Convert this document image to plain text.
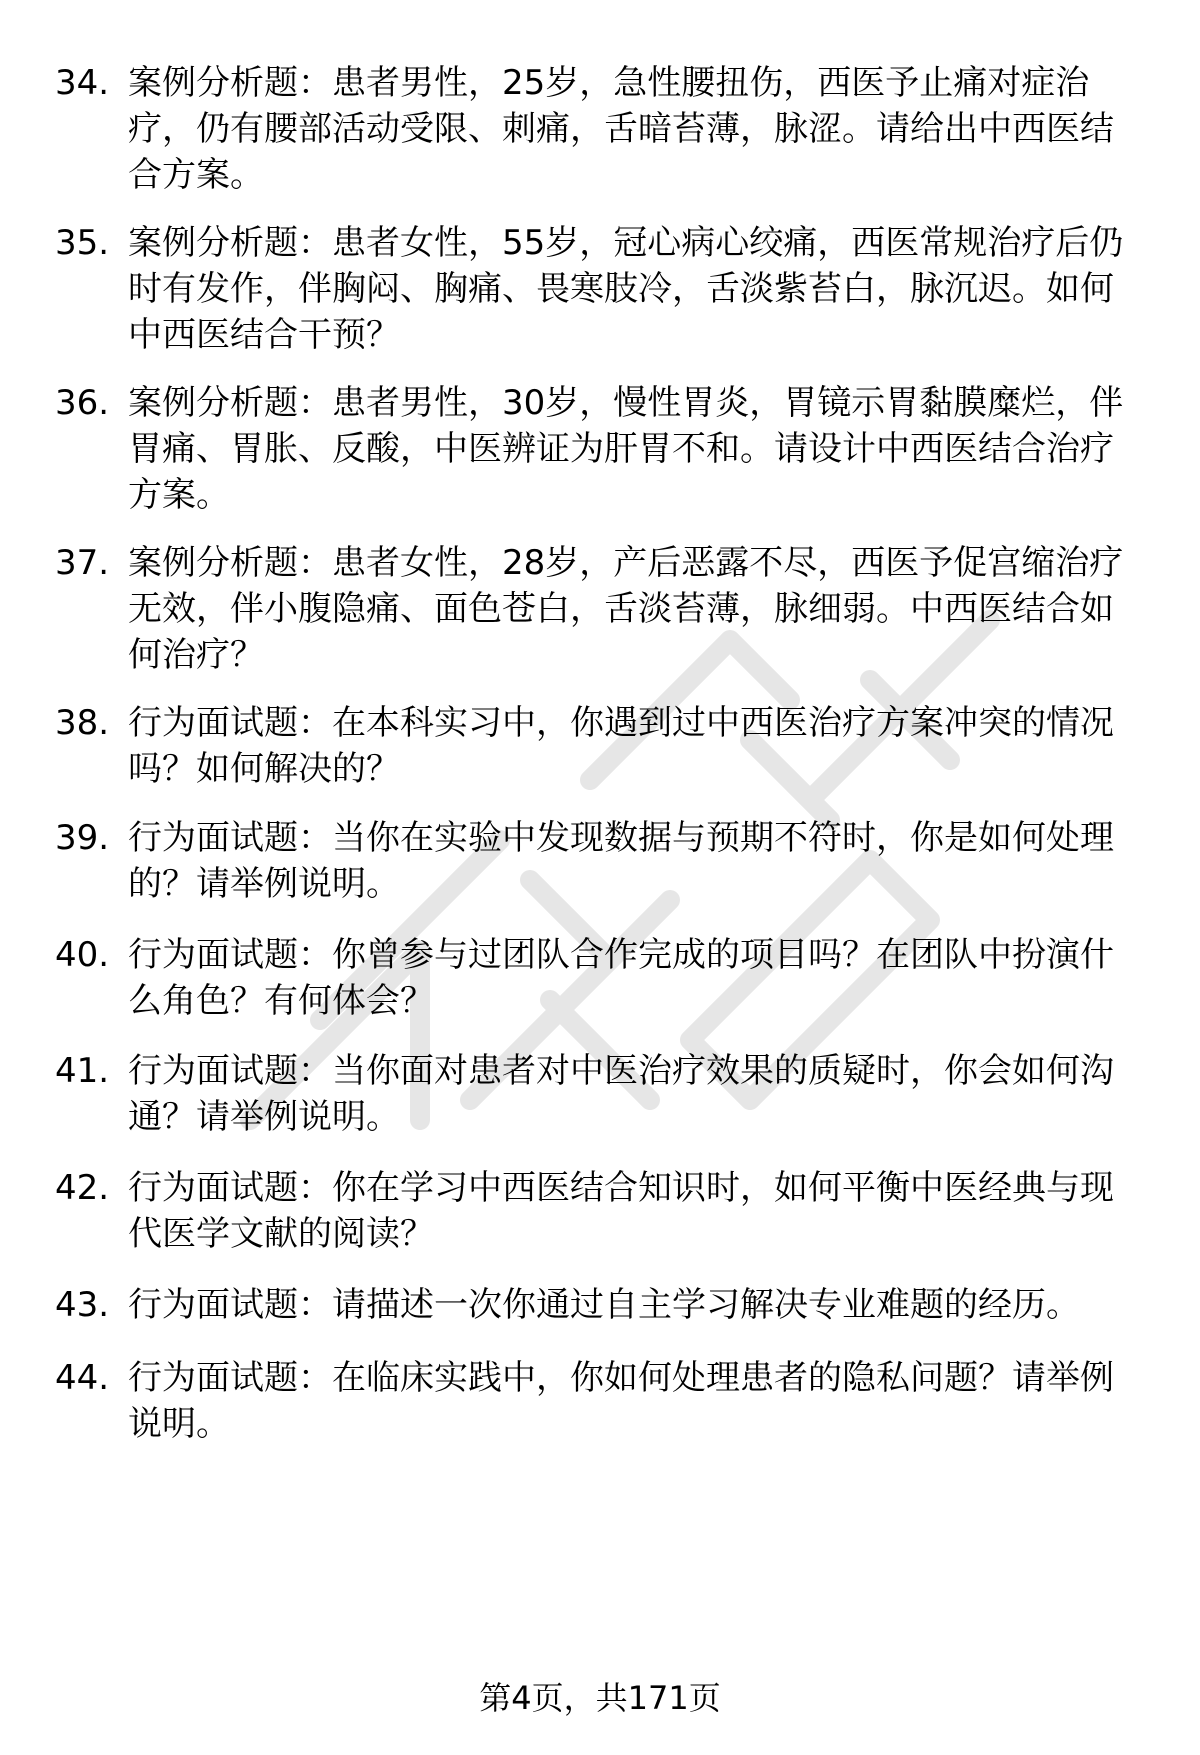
34. 案例分析题：患者男性，25岁，急性腰扭伤，西医予止痛对症治疗，仍有腰部活动受限、刺痛，舌暗苔薄，脉涩。请给出中西医结合方案。
35. 案例分析题：患者女性，55岁，冠心病心绞痛，西医常规治疗后仍时有发作，伴胸闷、胸痛、畏寒肢冷，舌淡紫苔白，脉沉迟。如何中西医结合干预？
36. 案例分析题：患者男性，30岁，慢性胃炎，胃镜示胃黏膜糜烂，伴胃痛、胃胀、反酸，中医辨证为肝胃不和。请设计中西医结合治疗方案。
37. 案例分析题：患者女性，28岁，产后恶露不尽，西医予促宫缩治疗无效，伴小腹隐痛、面色苍白，舌淡苔薄，脉细弱。中西医结合如何治疗？
38. 行为面试题：在本科实习中，你遇到过中西医治疗方案冲突的情况吗？如何解决的？
39. 行为面试题：当你在实验中发现数据与预期不符时，你是如何处理的？请举例说明。
40. 行为面试题：你曾参与过团队合作完成的项目吗？在团队中扮演什么角色？有何体会？
41. 行为面试题：当你面对患者对中医治疗效果的质疑时，你会如何沟通？请举例说明。
42. 行为面试题：你在学习中西医结合知识时，如何平衡中医经典与现代医学文献的阅读？
43. 行为面试题：请描述一次你通过自主学习解决专业难题的经历。
44. 行为面试题：在临床实践中，你如何处理患者的隐私问题？请举例说明。
第4页，共171页
